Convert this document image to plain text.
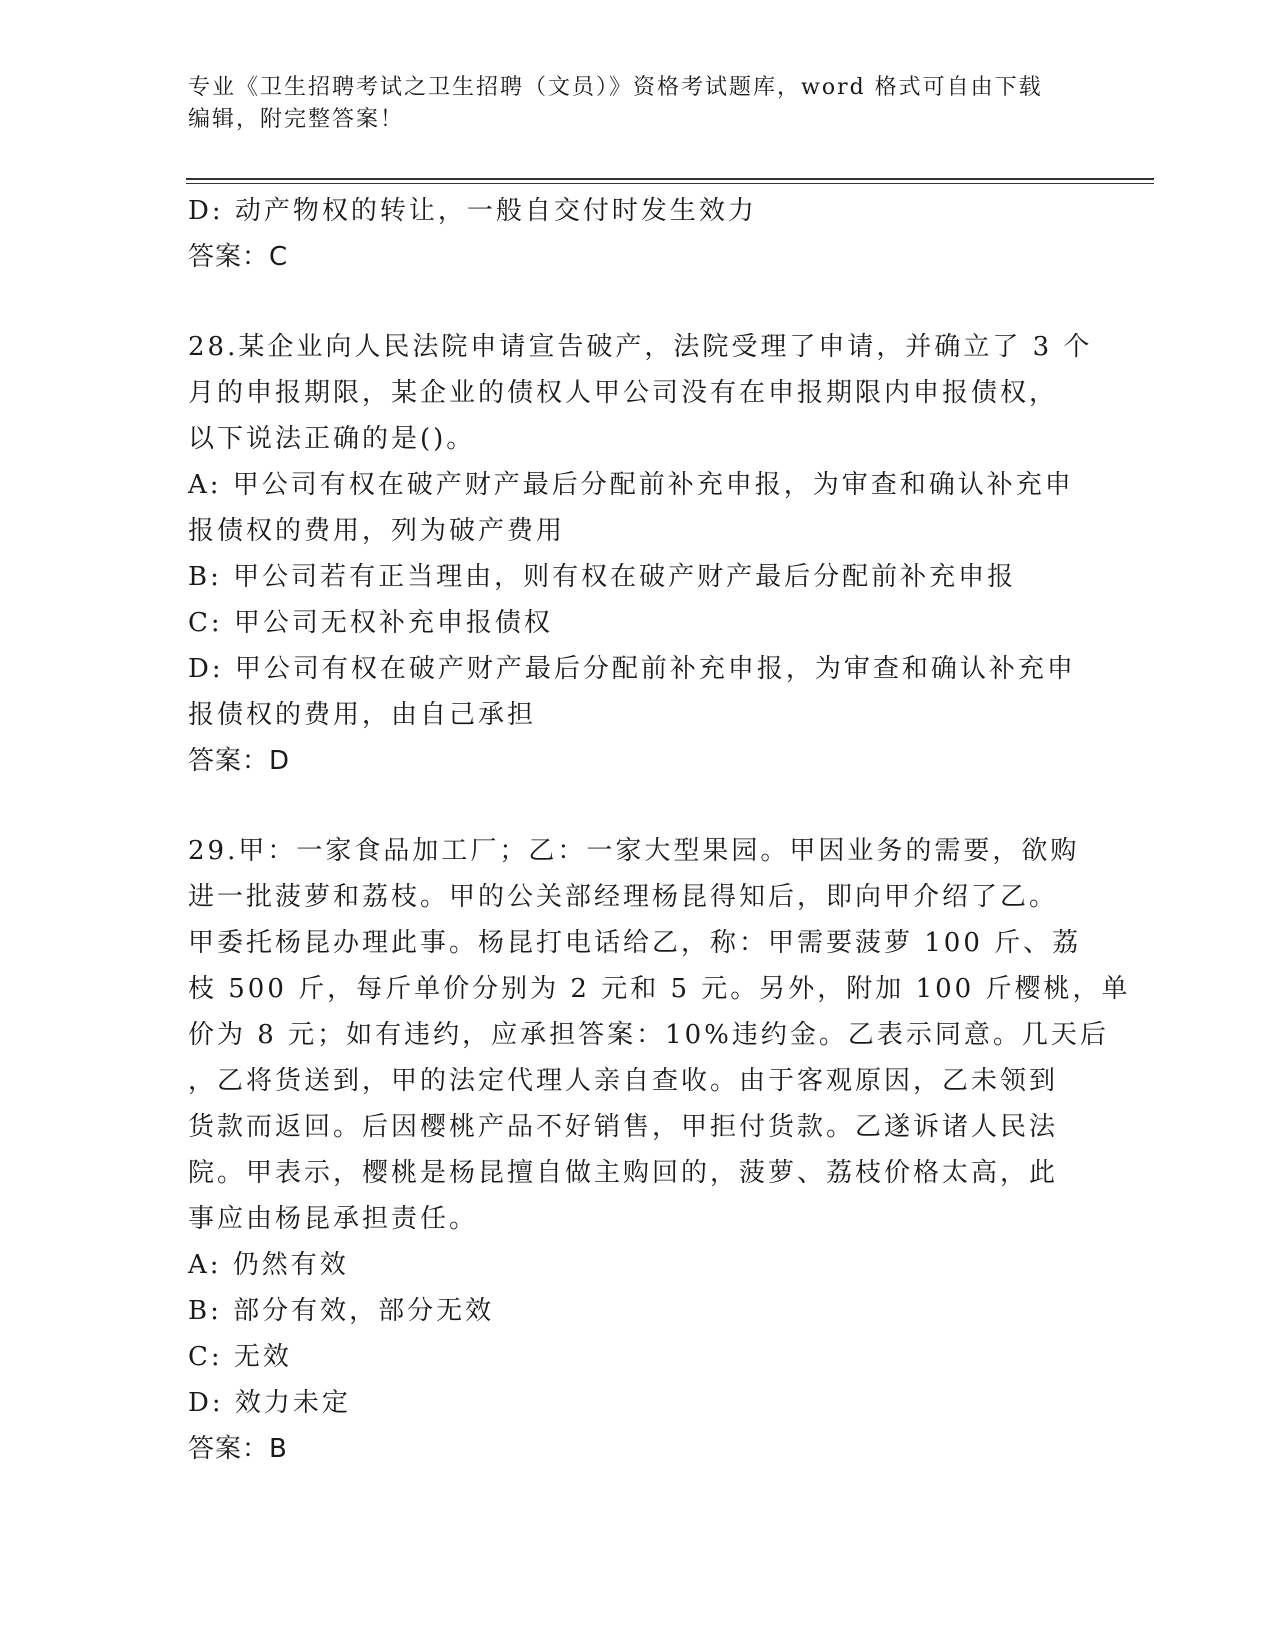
专业《卫生招聘考试之卫生招聘（文员）》资格考试题库，word 格式可自由下载
编辑，附完整答案！
D: 动产物权的转让，一般自交付时发生效力
答案：C
28.某企业向人民法院申请宣告破产，法院受理了申请，并确立了 3 个
月的申报期限，某企业的债权人甲公司没有在申报期限内申报债权，
以下说法正确的是()。
A: 甲公司有权在破产财产最后分配前补充申报，为审查和确认补充申
报债权的费用，列为破产费用
B: 甲公司若有正当理由，则有权在破产财产最后分配前补充申报
C: 甲公司无权补充申报债权
D: 甲公司有权在破产财产最后分配前补充申报，为审查和确认补充申
报债权的费用，由自己承担
答案：D
29.甲：一家食品加工厂；乙：一家大型果园。甲因业务的需要，欲购
进一批菠萝和荔枝。甲的公关部经理杨昆得知后，即向甲介绍了乙。
甲委托杨昆办理此事。杨昆打电话给乙，称：甲需要菠萝 100 斤、荔
枝 500 斤，每斤单价分别为 2 元和 5 元。另外，附加 100 斤樱桃，单
价为 8 元；如有违约，应承担答案：10%违约金。乙表示同意。几天后
，乙将货送到，甲的法定代理人亲自查收。由于客观原因，乙未领到
货款而返回。后因樱桃产品不好销售，甲拒付货款。乙遂诉诸人民法
院。甲表示，樱桃是杨昆擅自做主购回的，菠萝、荔枝价格太高，此
事应由杨昆承担责任。
A: 仍然有效
B: 部分有效，部分无效
C: 无效
D: 效力未定
答案：B
